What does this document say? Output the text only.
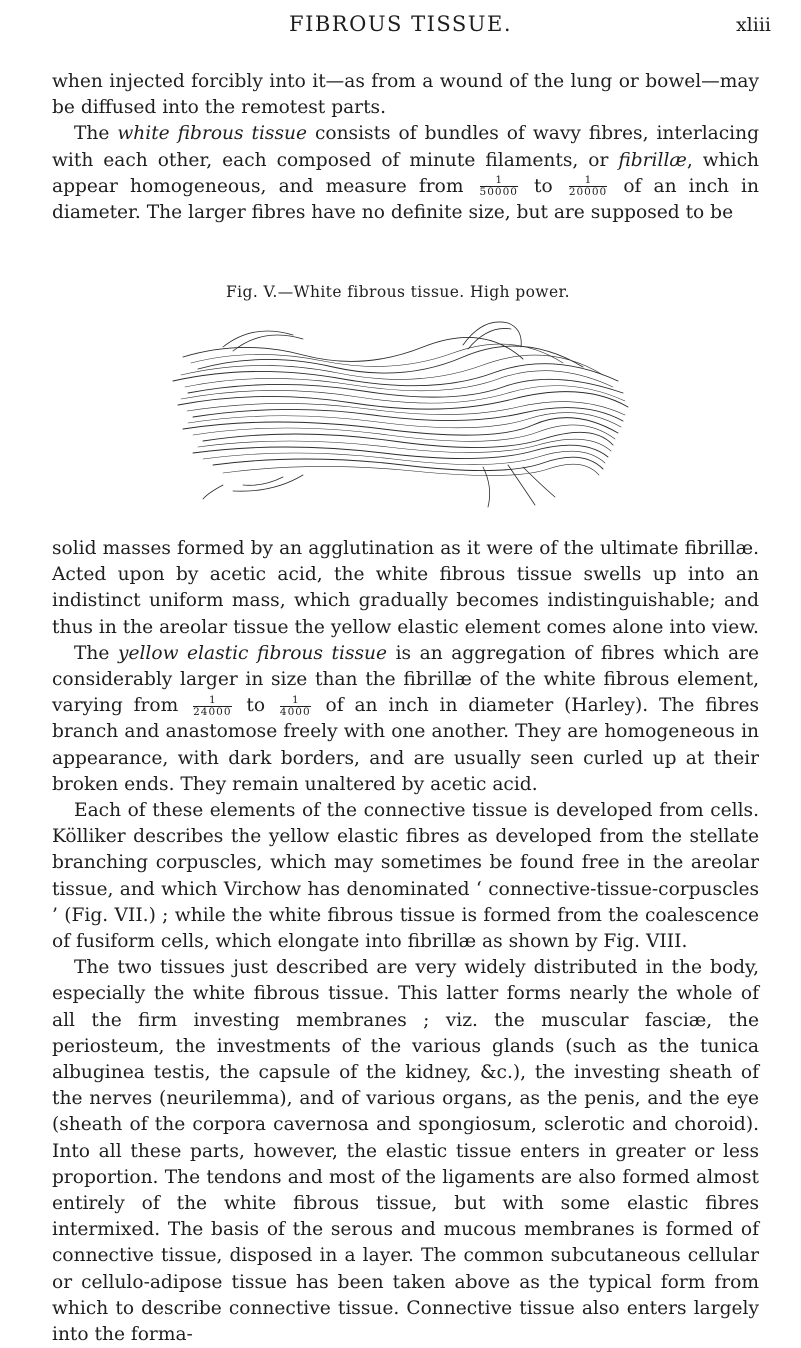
FIBROUS TISSUE.	xliii

when injected forcibly into it—as from a wound of the lung or bowel—may be diffused into the remotest parts.

The white fibrous tissue consists of bundles of wavy fibres, interlacing with each other, each composed of minute filaments, or fibrillæ, which appear homogeneous, and measure from $\frac{1}{50000}$ to $\frac{1}{20000}$ of an inch in diameter. The larger fibres have no definite size, but are supposed to be

Fig. V.—White fibrous tissue. High power.

solid masses formed by an agglutination as it were of the ultimate fibrillæ. Acted upon by acetic acid, the white fibrous tissue swells up into an indistinct uniform mass, which gradually becomes indistinguishable; and thus in the areolar tissue the yellow elastic element comes alone into view.

The yellow elastic fibrous tissue is an aggregation of fibres which are considerably larger in size than the fibrillæ of the white fibrous element, varying from $\frac{1}{24000}$ to $\frac{1}{4000}$ of an inch in diameter (Harley). The fibres branch and anastomose freely with one another. They are homogeneous in appearance, with dark borders, and are usually seen curled up at their broken ends. They remain unaltered by acetic acid.

Each of these elements of the connective tissue is developed from cells. Kölliker describes the yellow elastic fibres as developed from the stellate branching corpuscles, which may sometimes be found free in the areolar tissue, and which Virchow has denominated ‘ connective-tissue-corpuscles ’ (Fig. VII.) ; while the white fibrous tissue is formed from the coalescence of fusiform cells, which elongate into fibrillæ as shown by Fig. VIII.

The two tissues just described are very widely distributed in the body, especially the white fibrous tissue. This latter forms nearly the whole of all the firm investing membranes ; viz. the muscular fasciæ, the periosteum, the investments of the various glands (such as the tunica albuginea testis, the capsule of the kidney, &c.), the investing sheath of the nerves (neurilemma), and of various organs, as the penis, and the eye (sheath of the corpora cavernosa and spongiosum, sclerotic and choroid). Into all these parts, however, the elastic tissue enters in greater or less proportion. The tendons and most of the ligaments are also formed almost entirely of the white fibrous tissue, but with some elastic fibres intermixed. The basis of the serous and mucous membranes is formed of connective tissue, disposed in a layer. The common subcutaneous cellular or cellulo-adipose tissue has been taken above as the typical form from which to describe connective tissue. Connective tissue also enters largely into the forma-
